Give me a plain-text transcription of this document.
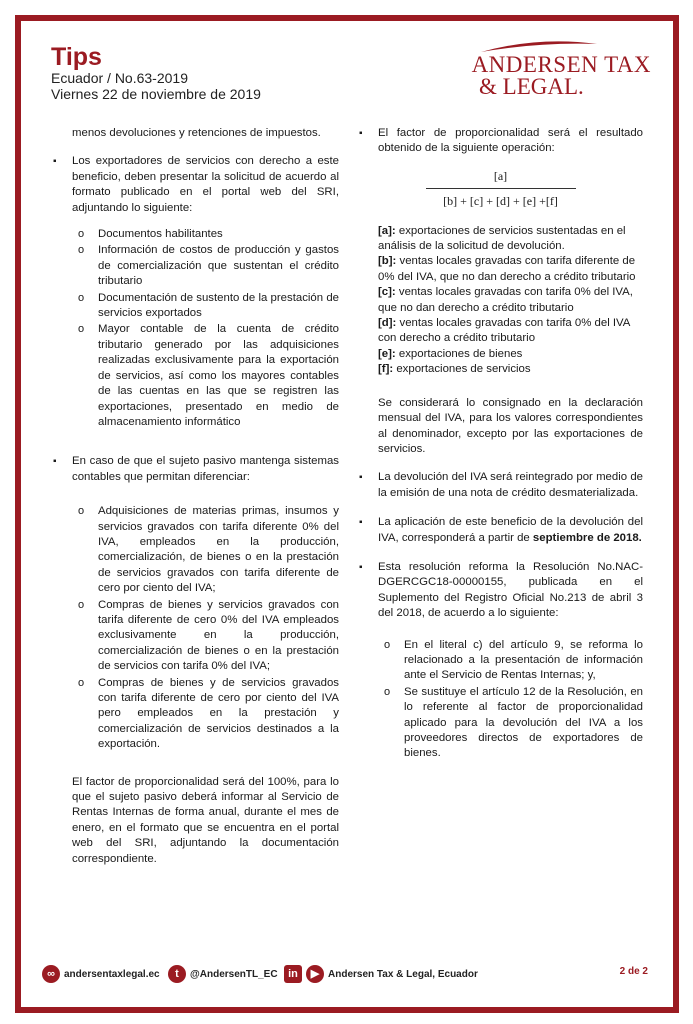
Tips
Ecuador / No.63-2019
Viernes 22 de noviembre de 2019
ANDERSEN TAX
& LEGAL.
menos devoluciones y retenciones de impuestos.
▪ Los exportadores de servicios con derecho a este beneficio, deben presentar la solicitud de acuerdo al formato publicado en el portal web del SRI, adjuntando lo siguiente:
o Documentos habilitantes
o Información de costos de producción y gastos de comercialización que sustentan el crédito tributario
o Documentación de sustento de la prestación de servicios exportados
o Mayor contable de la cuenta de crédito tributario generado por las adquisiciones realizadas exclusivamente para la exportación de servicios, así como los mayores contables de las cuentas en las que se registren las exportaciones, presentado en medio de almacenamiento informático
▪ En caso de que el sujeto pasivo mantenga sistemas contables que permitan diferenciar:
o Adquisiciones de materias primas, insumos y servicios gravados con tarifa diferente 0% del IVA, empleados en la producción, comercialización, de bienes o en la prestación de servicios gravados con tarifa diferente de cero por ciento del IVA;
o Compras de bienes y servicios gravados con tarifa diferente de cero 0% del IVA empleados exclusivamente en la producción, comercialización de bienes o en la prestación de servicios con tarifa 0% del IVA;
o Compras de bienes y de servicios gravados con tarifa diferente de cero por ciento del IVA pero empleados en la prestación y comercialización de servicios destinados a la exportación.
El factor de proporcionalidad será del 100%, para lo que el sujeto pasivo deberá informar al Servicio de Rentas Internas de forma anual, durante el mes de enero, en el formato que se encuentra en el portal web del SRI, adjuntando la documentación correspondiente.
▪ El factor de proporcionalidad será el resultado obtenido de la siguiente operación:
[a]
[b] + [c] + [d] + [e] +[f]
[a]: exportaciones de servicios sustentadas en el análisis de la solicitud de devolución.
[b]: ventas locales gravadas con tarifa diferente de 0% del IVA, que no dan derecho a crédito tributario
[c]: ventas locales gravadas con tarifa 0% del IVA, que no dan derecho a crédito tributario
[d]: ventas locales gravadas con tarifa 0% del IVA con derecho a crédito tributario
[e]: exportaciones de bienes
[f]: exportaciones de servicios
Se considerará lo consignado en la declaración mensual del IVA, para los valores correspondientes al denominador, excepto por las exportaciones de servicios.
▪ La devolución del IVA será reintegrado por medio de la emisión de una nota de crédito desmaterializada.
▪ La aplicación de este beneficio de la devolución del IVA, corresponderá a partir de septiembre de 2018.
▪ Esta resolución reforma la Resolución No.NAC-DGERCGC18-00000155, publicada en el Suplemento del Registro Oficial No.213 de abril 3 del 2018, de acuerdo a lo siguiente:
o En el literal c) del artículo 9, se reforma lo relacionado a la presentación de información ante el Servicio de Rentas Internas; y,
o Se sustituye el artículo 12 de la Resolución, en lo referente al factor de proporcionalidad aplicado para la devolución del IVA a los proveedores directos de exportadores de bienes.
∞ andersentaxlegal.ec	t	@AndersenTL_EC in	▶ Andersen Tax & Legal, Ecuador	2 de 2
